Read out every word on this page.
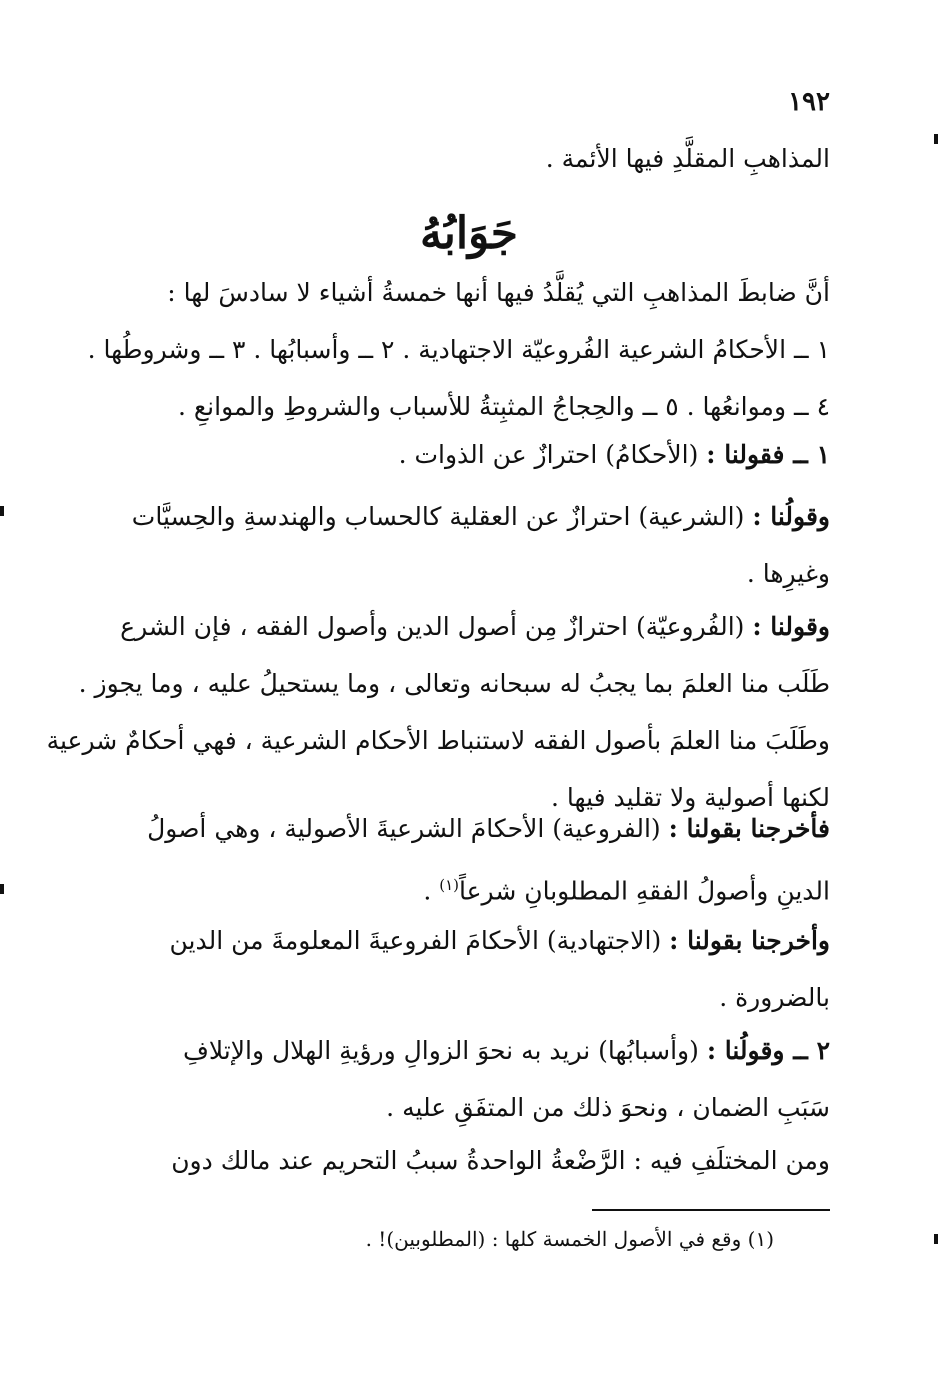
١٩٢
المذاهبِ المقلَّدِ فيها الأئمة .
جَوَابُهُ
أنَّ ضابطَ المذاهبِ التي يُقلَّدُ فيها أنها خمسةُ أشياء لا سادسَ لها :
١ ــ الأحكامُ الشرعية الفُروعيّة الاجتهادية . ٢ ــ وأسبابُها . ٣ ــ وشروطُها .
٤ ــ وموانعُها . ٥ ــ والحِجاجُ المثبِتةُ للأسباب والشروطِ والموانعِ .
١ ــ فقولنا : (الأحكامُ) احترازٌ عن الذوات .
وقولُنا : (الشرعية) احترازٌ عن العقلية كالحساب والهندسةِ والحِسيَّات
وغيرِها .
وقولنا : (الفُروعيّة) احترازٌ مِن أصول الدين وأصول الفقه ، فإن الشرع
طَلَب منا العلمَ بما يجبُ له سبحانه وتعالى ، وما يستحيلُ عليه ، وما يجوز .
وطَلَبَ منا العلمَ بأصول الفقه لاستنباط الأحكام الشرعية ، فهي أحكامٌ شرعية
لكنها أصولية ولا تقليد فيها .
فأخرجنا بقولنا : (الفروعية) الأحكامَ الشرعيةَ الأصولية ، وهي أصولُ
الدينِ وأصولُ الفقهِ المطلوبانِ شرعاً$^{(١)}$ .
وأخرجنا بقولنا : (الاجتهادية) الأحكامَ الفروعيةَ المعلومةَ من الدين
بالضرورة .
٢ ــ وقولُنا : (وأسبابُها) نريد به نحوَ الزوالِ ورؤيةِ الهلال والإتلافِ
سَبَبِ الضمان ، ونحوَ ذلك من المتفَقِ عليه .
ومن المختلَفِ فيه : الرَّضْعةُ الواحدةُ سببُ التحريم عند مالك دون
(١) وقع في الأصول الخمسة كلها : (المطلوبين)! .
